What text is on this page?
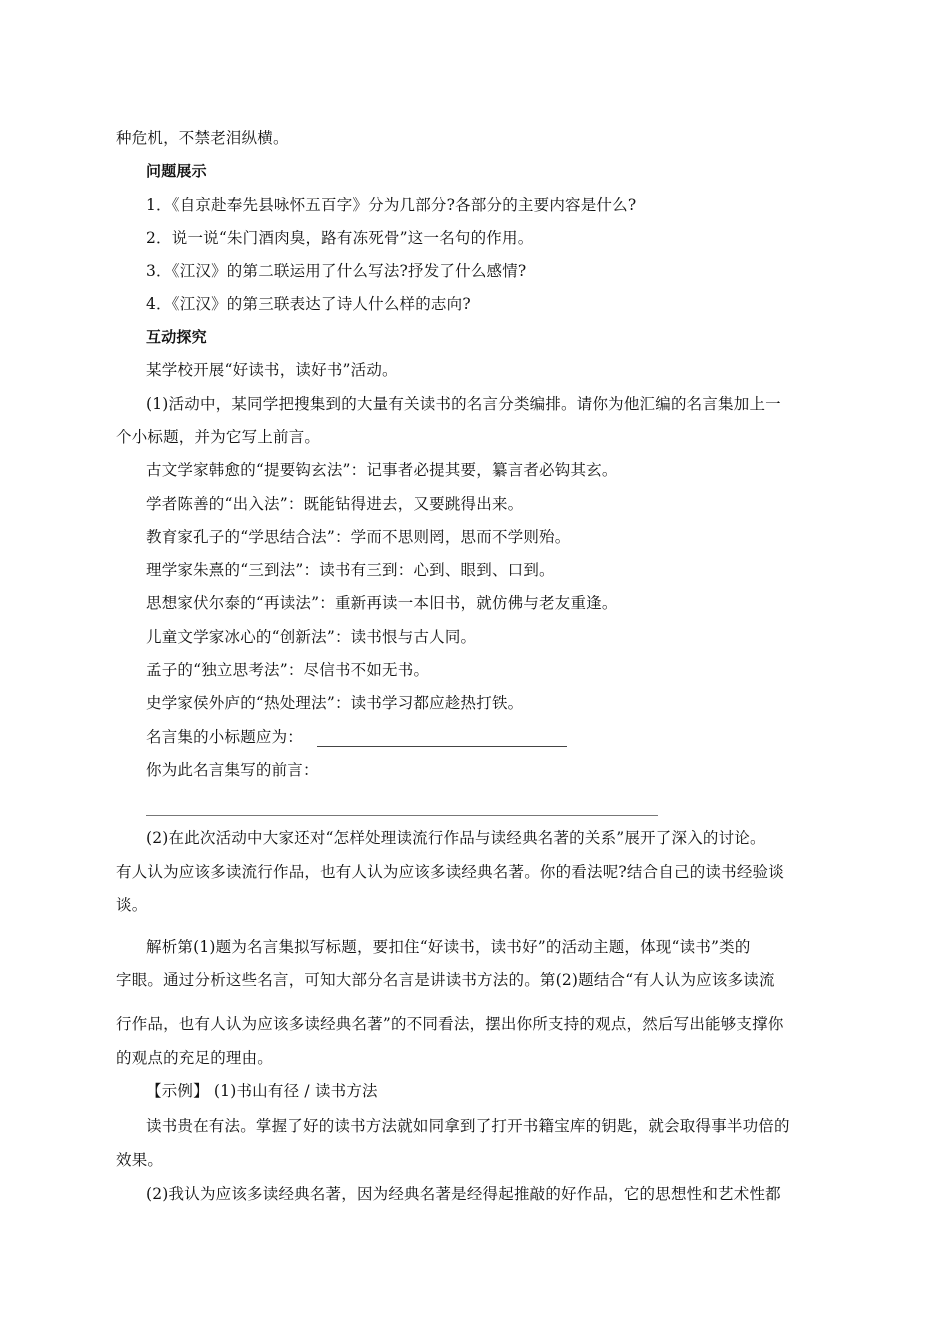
种危机，不禁老泪纵横。
问题展示
1．《自京赴奉先县咏怀五百字》分为几部分?各部分的主要内容是什么?
2．说一说“朱门酒肉臭，路有冻死骨”这一名句的作用。
3．《江汉》的第二联运用了什么写法?抒发了什么感情?
4．《江汉》的第三联表达了诗人什么样的志向?
互动探究
某学校开展“好读书，读好书”活动。
(1)活动中，某同学把搜集到的大量有关读书的名言分类编排。请你为他汇编的名言集加上一
个小标题，并为它写上前言。
古文学家韩愈的“提要钩玄法”：记事者必提其要，纂言者必钩其玄。
学者陈善的“出入法”：既能钻得进去，又要跳得出来。
教育家孔子的“学思结合法”：学而不思则罔，思而不学则殆。
理学家朱熹的“三到法”：读书有三到：心到、眼到、口到。
思想家伏尔泰的“再读法”：重新再读一本旧书，就仿佛与老友重逢。
儿童文学家冰心的“创新法”：读书恨与古人同。
孟子的“独立思考法”：尽信书不如无书。
史学家侯外庐的“热处理法”：读书学习都应趁热打铁。
名言集的小标题应为：
你为此名言集写的前言：
(2)在此次活动中大家还对“怎样处理读流行作品与读经典名著的关系”展开了深入的讨论。
有人认为应该多读流行作品，也有人认为应该多读经典名著。你的看法呢?结合自己的读书经验谈
谈。
解析第(1)题为名言集拟写标题，要扣住“好读书，读书好”的活动主题，体现“读书”类的
字眼。通过分析这些名言，可知大部分名言是讲读书方法的。第(2)题结合“有人认为应该多读流
行作品，也有人认为应该多读经典名著”的不同看法，摆出你所支持的观点，然后写出能够支撑你
的观点的充足的理由。
【示例】 (1)书山有径 / 读书方法
读书贵在有法。掌握了好的读书方法就如同拿到了打开书籍宝库的钥匙，就会取得事半功倍的
效果。
(2)我认为应该多读经典名著，因为经典名著是经得起推敲的好作品，它的思想性和艺术性都
